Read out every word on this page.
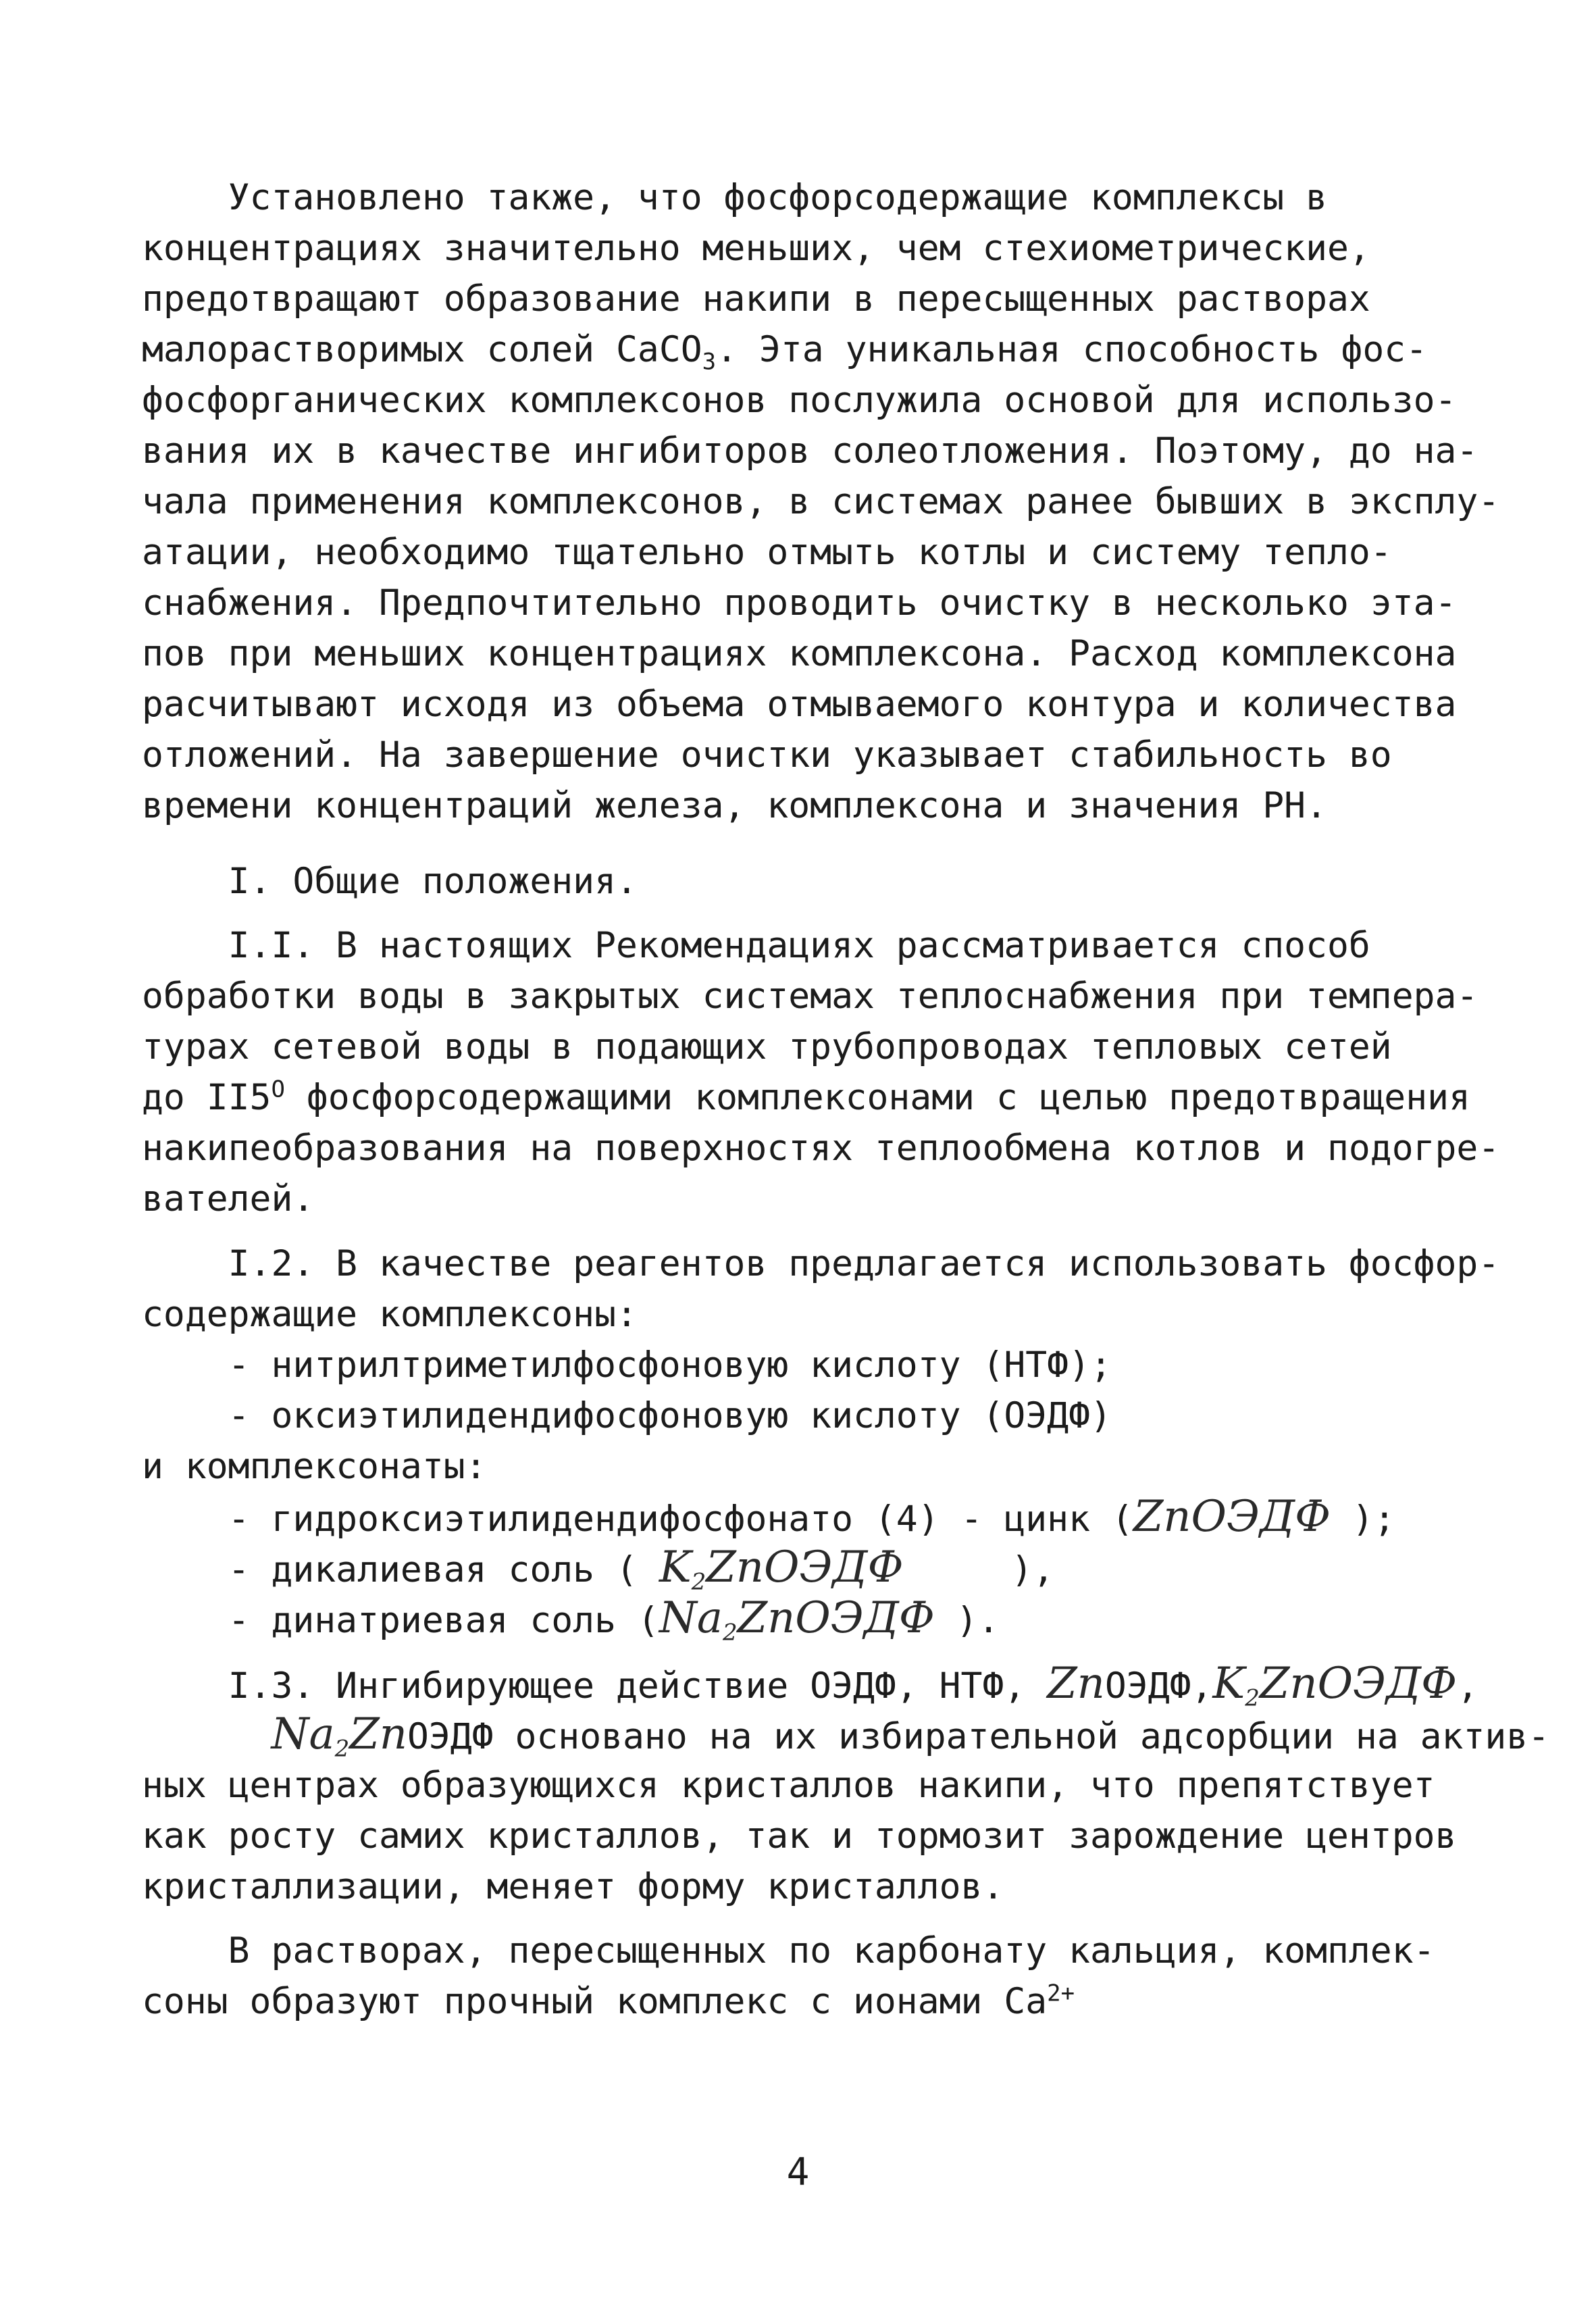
Установлено также, что фосфорсодержащие комплексы в
концентрациях значительно меньших, чем стехиометрические,
предотвращают образование накипи в пересыщенных растворах
малорастворимых солей CaCO$_3$. Эта уникальная способность фос-
фосфорганических комплексонов послужила основой для использо-
вания их в качестве ингибиторов солеотложения. Поэтому, до на-
чала применения комплексонов, в системах ранее бывших в эксплу-
атации, необходимо тщательно отмыть котлы и систему тепло-
снабжения. Предпочтительно проводить очистку в несколько эта-
пов при меньших концентрациях комплексона. Расход комплексона
расчитывают исходя из объема отмываемого контура и количества
отложений. На завершение очистки указывает стабильность во
времени концентраций железа, комплексона и значения PH.
I. Общие положения.
I.I. В настоящих Рекомендациях рассматривается способ
обработки воды в закрытых системах теплоснабжения при темпера-
турах сетевой воды в подающих трубопроводах тепловых сетей
до $II5^О$ фосфорсодержащими комплексонами с целью предотвращения
накипеобразования на поверхностях теплообмена котлов и подогре-
вателей.
I.2. В качестве реагентов предлагается использовать фосфор-
содержащие комплексоны:
- нитрилтриметилфосфоновую кислоту (НТФ);
- оксиэтилидендифосфоновую кислоту (ОЭДФ)
и комплексонаты:
- гидроксиэтилидендифосфонато (4) - цинк (ZnОЭДФ );
- дикалиевая соль ( $K_2ZnОЭДФ$     ),
- динатриевая соль ($Na_2ZnОЭДФ$ ).
I.3. Ингибирующее действие ОЭДФ, НТФ, $ZnОЭДФ,K_2ZnОЭДФ$,
$Na_2ZnОЭДФ$ основано на их избирательной адсорбции на актив-
ных центрах образующихся кристаллов накипи, что препятствует
как росту самих кристаллов, так и тормозит зарождение центров
кристаллизации, меняет форму кристаллов.
В растворах, пересыщенных по карбонату кальция, комплек-
соны образуют прочный комплекс с ионами $Ca^{2+}$
4
